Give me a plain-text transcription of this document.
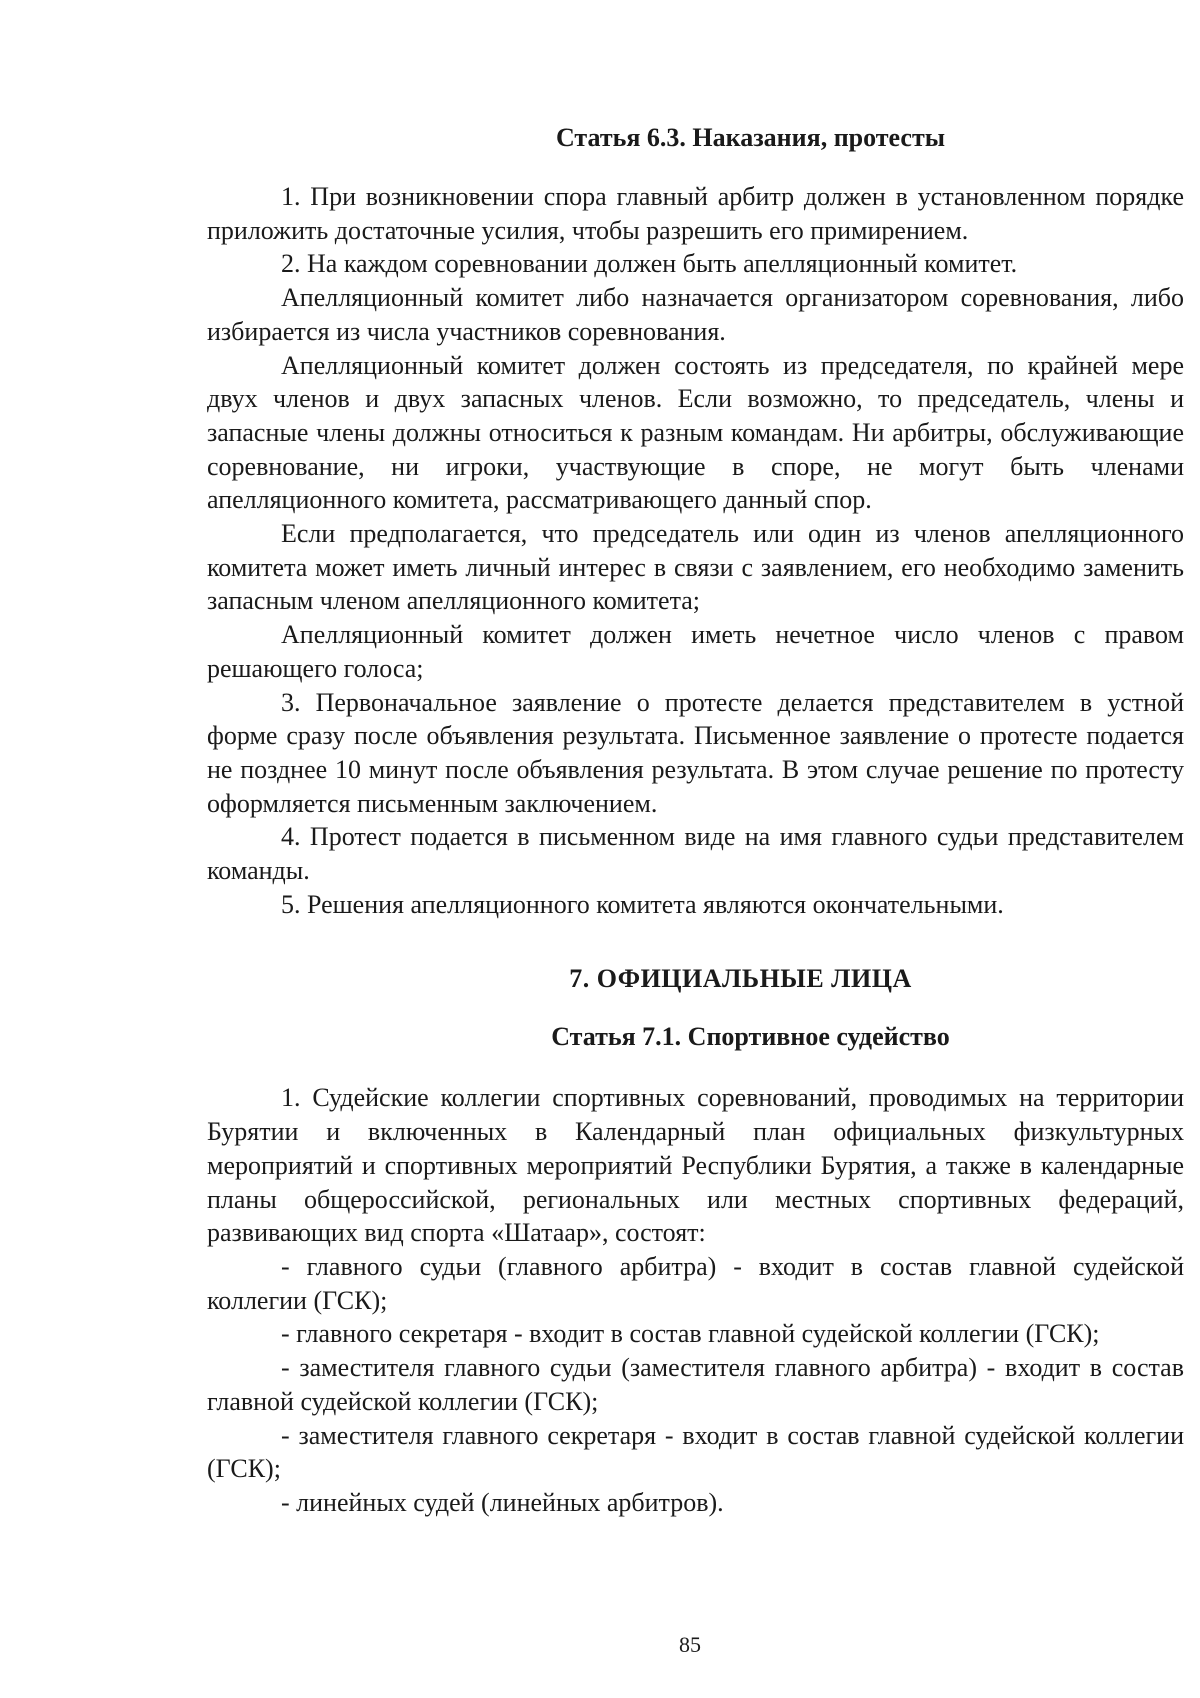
Статья 6.3. Наказания, протесты

1. При возникновении спора главный арбитр должен в установленном порядке приложить достаточные усилия, чтобы разрешить его примирением.

2. На каждом соревновании должен быть апелляционный комитет.

Апелляционный комитет либо назначается организатором соревнования, либо избирается из числа участников соревнования.

Апелляционный комитет должен состоять из председателя, по крайней мере двух членов и двух запасных членов. Если возможно, то председатель, члены и запасные члены должны относиться к разным командам. Ни арбитры, обслуживающие соревнование, ни игроки, участвующие в споре, не могут быть членами апелляционного комитета, рассматривающего данный спор.

Если предполагается, что председатель или один из членов апелляционного комитета может иметь личный интерес в связи с заявлением, его необходимо заменить запасным членом апелляционного комитета;

Апелляционный комитет должен иметь нечетное число членов с правом решающего голоса;

3. Первоначальное заявление о протесте делается представителем в устной форме сразу после объявления результата. Письменное заявление о протесте подается не позднее 10 минут после объявления результата. В этом случае решение по протесту оформляется письменным заключением.

4. Протест подается в письменном виде на имя главного судьи представителем команды.

5. Решения апелляционного комитета являются окончательными.

7. ОФИЦИАЛЬНЫЕ ЛИЦА
Статья 7.1. Спортивное судейство

1. Судейские коллегии спортивных соревнований, проводимых на территории Бурятии и включенных в Календарный план официальных физкультурных мероприятий и спортивных мероприятий Республики Бурятия, а также в календарные планы общероссийской, региональных или местных спортивных федераций, развивающих вид спорта «Шатаар», состоят:

- главного судьи (главного арбитра) - входит в состав главной судейской коллегии (ГСК);

- главного секретаря - входит в состав главной судейской коллегии (ГСК);

- заместителя главного судьи (заместителя главного арбитра) - входит в состав главной судейской коллегии (ГСК);

- заместителя главного секретаря - входит в состав главной судейской коллегии (ГСК);

- линейных судей (линейных арбитров).

85
